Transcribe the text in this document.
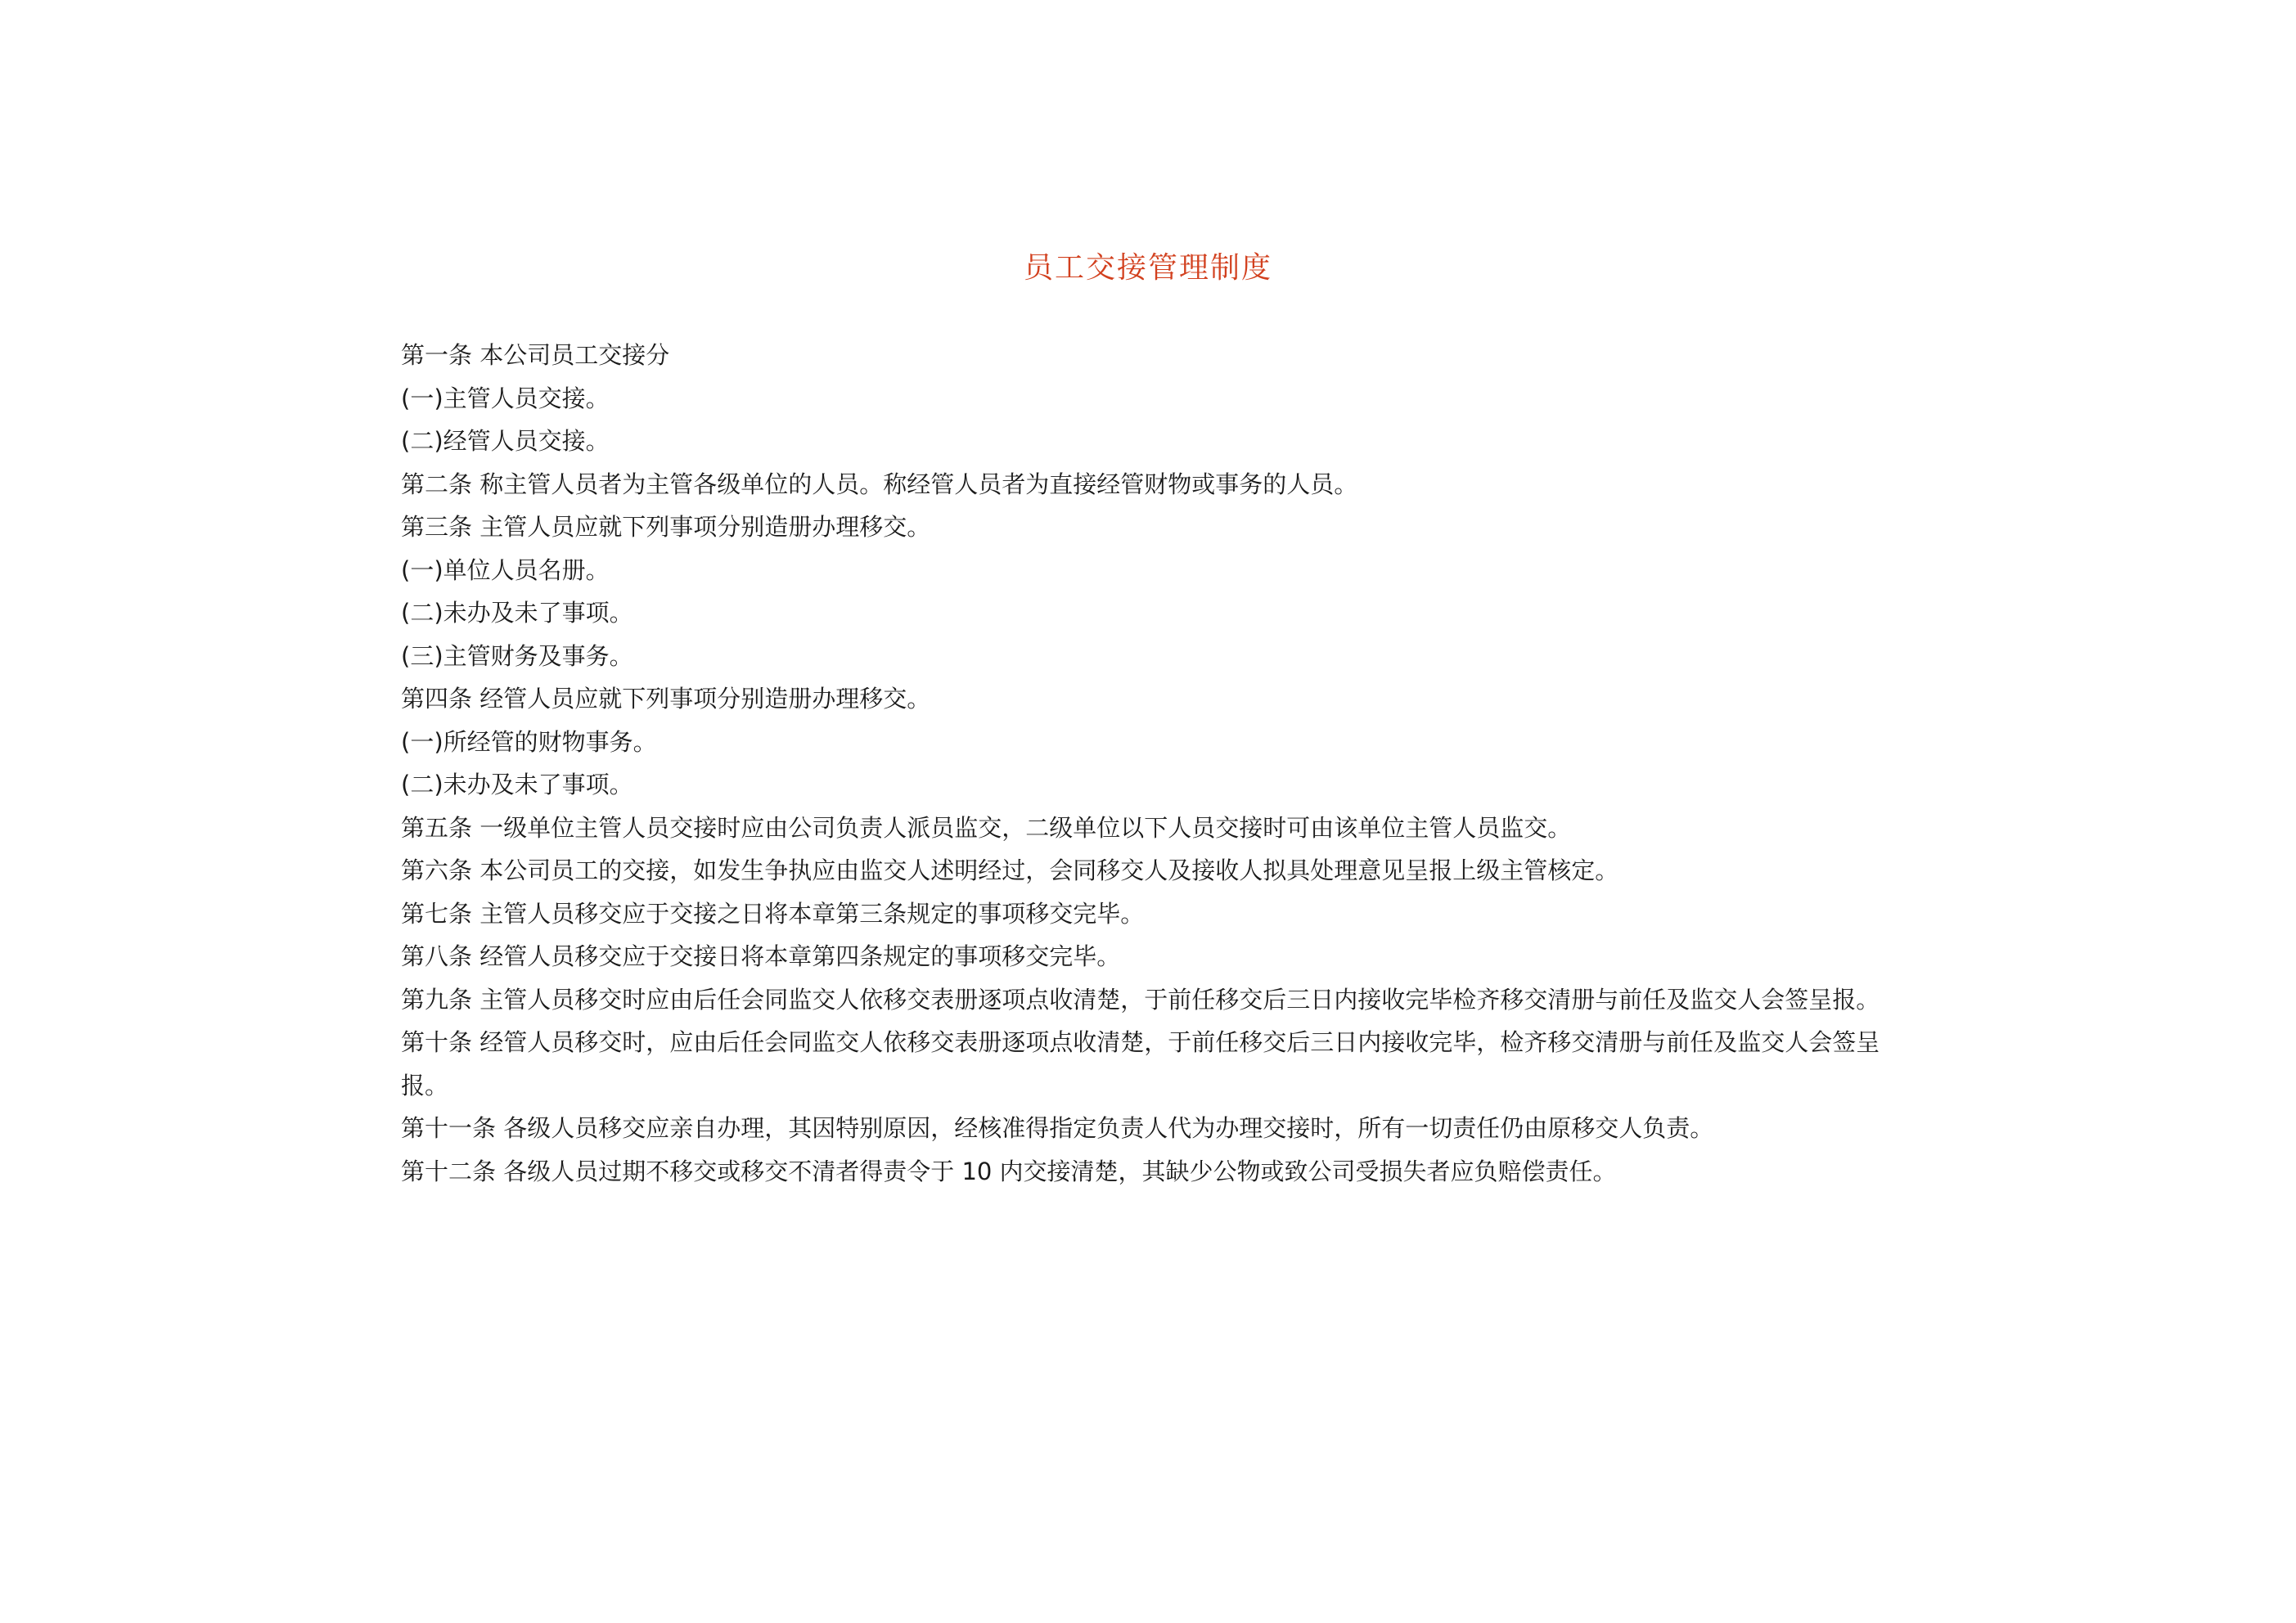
员工交接管理制度

第一条 本公司员工交接分

(一)主管人员交接。

(二)经管人员交接。

第二条 称主管人员者为主管各级单位的人员。称经管人员者为直接经管财物或事务的人员。

第三条 主管人员应就下列事项分别造册办理移交。

(一)单位人员名册。

(二)未办及未了事项。

(三)主管财务及事务。

第四条 经管人员应就下列事项分别造册办理移交。

(一)所经管的财物事务。

(二)未办及未了事项。

第五条 一级单位主管人员交接时应由公司负责人派员监交，二级单位以下人员交接时可由该单位主管人员监交。

第六条 本公司员工的交接，如发生争执应由监交人述明经过，会同移交人及接收人拟具处理意见呈报上级主管核定。

第七条 主管人员移交应于交接之日将本章第三条规定的事项移交完毕。

第八条 经管人员移交应于交接日将本章第四条规定的事项移交完毕。

第九条 主管人员移交时应由后任会同监交人依移交表册逐项点收清楚，于前任移交后三日内接收完毕检齐移交清册与前任及监交人会签呈报。

第十条 经管人员移交时，应由后任会同监交人依移交表册逐项点收清楚，于前任移交后三日内接收完毕，检齐移交清册与前任及监交人会签呈报。

第十一条 各级人员移交应亲自办理，其因特别原因，经核准得指定负责人代为办理交接时，所有一切责任仍由原移交人负责。

第十二条 各级人员过期不移交或移交不清者得责令于 10 内交接清楚，其缺少公物或致公司受损失者应负赔偿责任。
